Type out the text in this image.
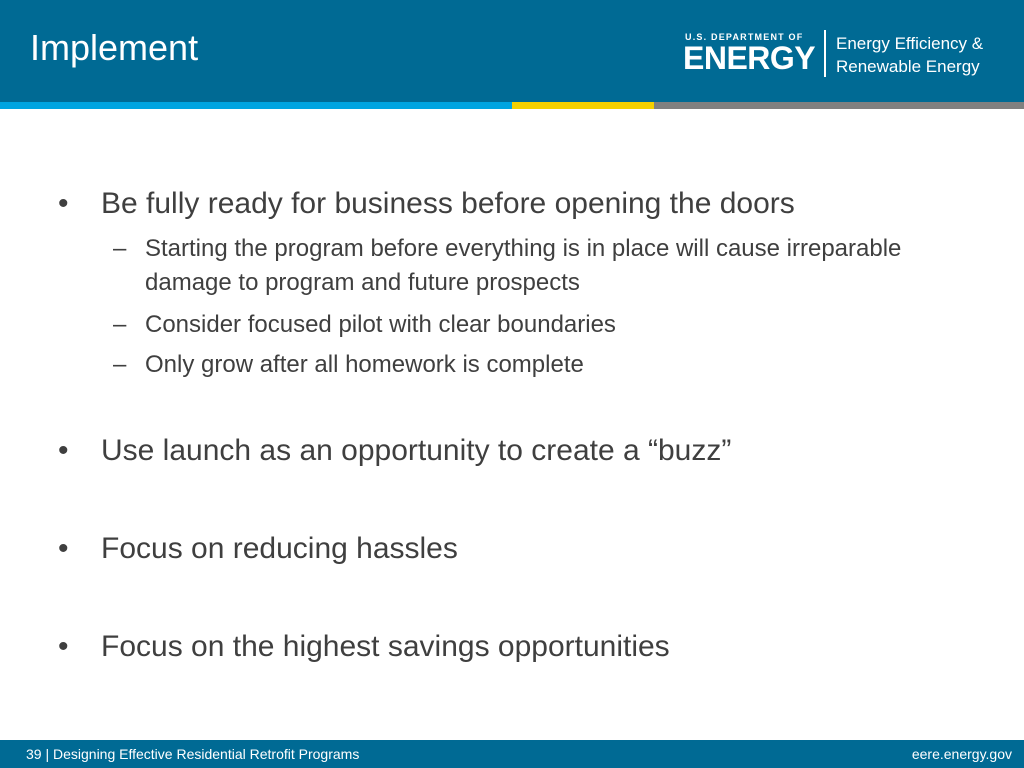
Implement	U.S. DEPARTMENT OF
ENERGY Energy Efficiency &
Renewable Energy
• Be fully ready for business before opening the doors
– Starting the program before everything is in place will cause irreparable damage to program and future prospects
– Consider focused pilot with clear boundaries
– Only grow after all homework is complete
• Use launch as an opportunity to create a “buzz”
• Focus on reducing hassles
• Focus on the highest savings opportunities
39 | Designing Effective Residential Retrofit Programs	eere.energy.gov
